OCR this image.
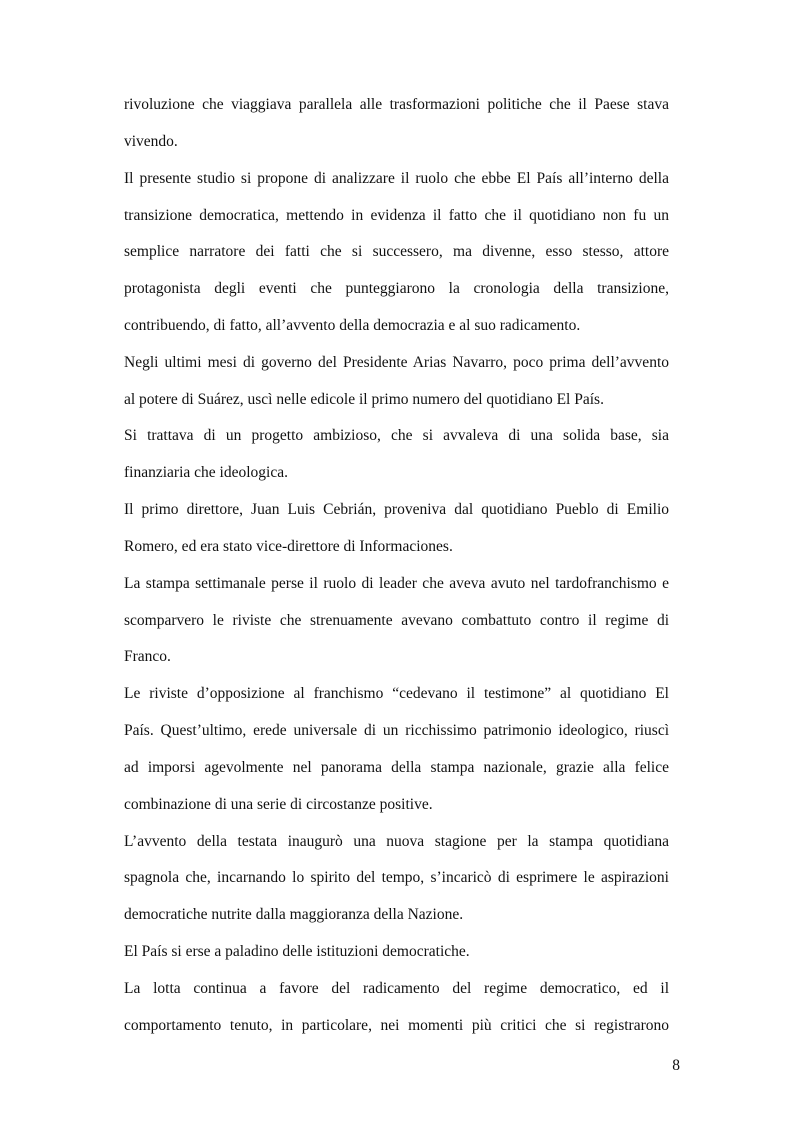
rivoluzione che viaggiava parallela alle trasformazioni politiche che il Paese stava
vivendo.
Il presente studio si propone di analizzare il ruolo che ebbe El País all’interno della
transizione democratica, mettendo in evidenza il fatto che il quotidiano non fu un
semplice narratore dei fatti che si successero, ma divenne, esso stesso, attore
protagonista degli eventi che punteggiarono la cronologia della transizione,
contribuendo, di fatto, all’avvento della democrazia e al suo radicamento.
Negli ultimi mesi di governo del Presidente Arias Navarro, poco prima dell’avvento
al potere di Suárez, uscì nelle edicole il primo numero del quotidiano El País.
Si trattava di un progetto ambizioso, che si avvaleva di una solida base, sia
finanziaria che ideologica.
Il primo direttore, Juan Luis Cebrián, proveniva dal quotidiano Pueblo di Emilio
Romero, ed era stato vice-direttore di Informaciones.
La stampa settimanale perse il ruolo di leader che aveva avuto nel tardofranchismo e
scomparvero le riviste che strenuamente avevano combattuto contro il regime di
Franco.
Le riviste d’opposizione al franchismo “cedevano il testimone” al quotidiano El
País. Quest’ultimo, erede universale di un ricchissimo patrimonio ideologico, riuscì
ad imporsi agevolmente nel panorama della stampa nazionale, grazie alla felice
combinazione di una serie di circostanze positive.
L’avvento della testata inaugurò una nuova stagione per la stampa quotidiana
spagnola che, incarnando lo spirito del tempo, s’incaricò di esprimere le aspirazioni
democratiche nutrite dalla maggioranza della Nazione.
El País si erse a paladino delle istituzioni democratiche.
La lotta continua a favore del radicamento del regime democratico, ed il
comportamento tenuto, in particolare, nei momenti più critici che si registrarono
8
